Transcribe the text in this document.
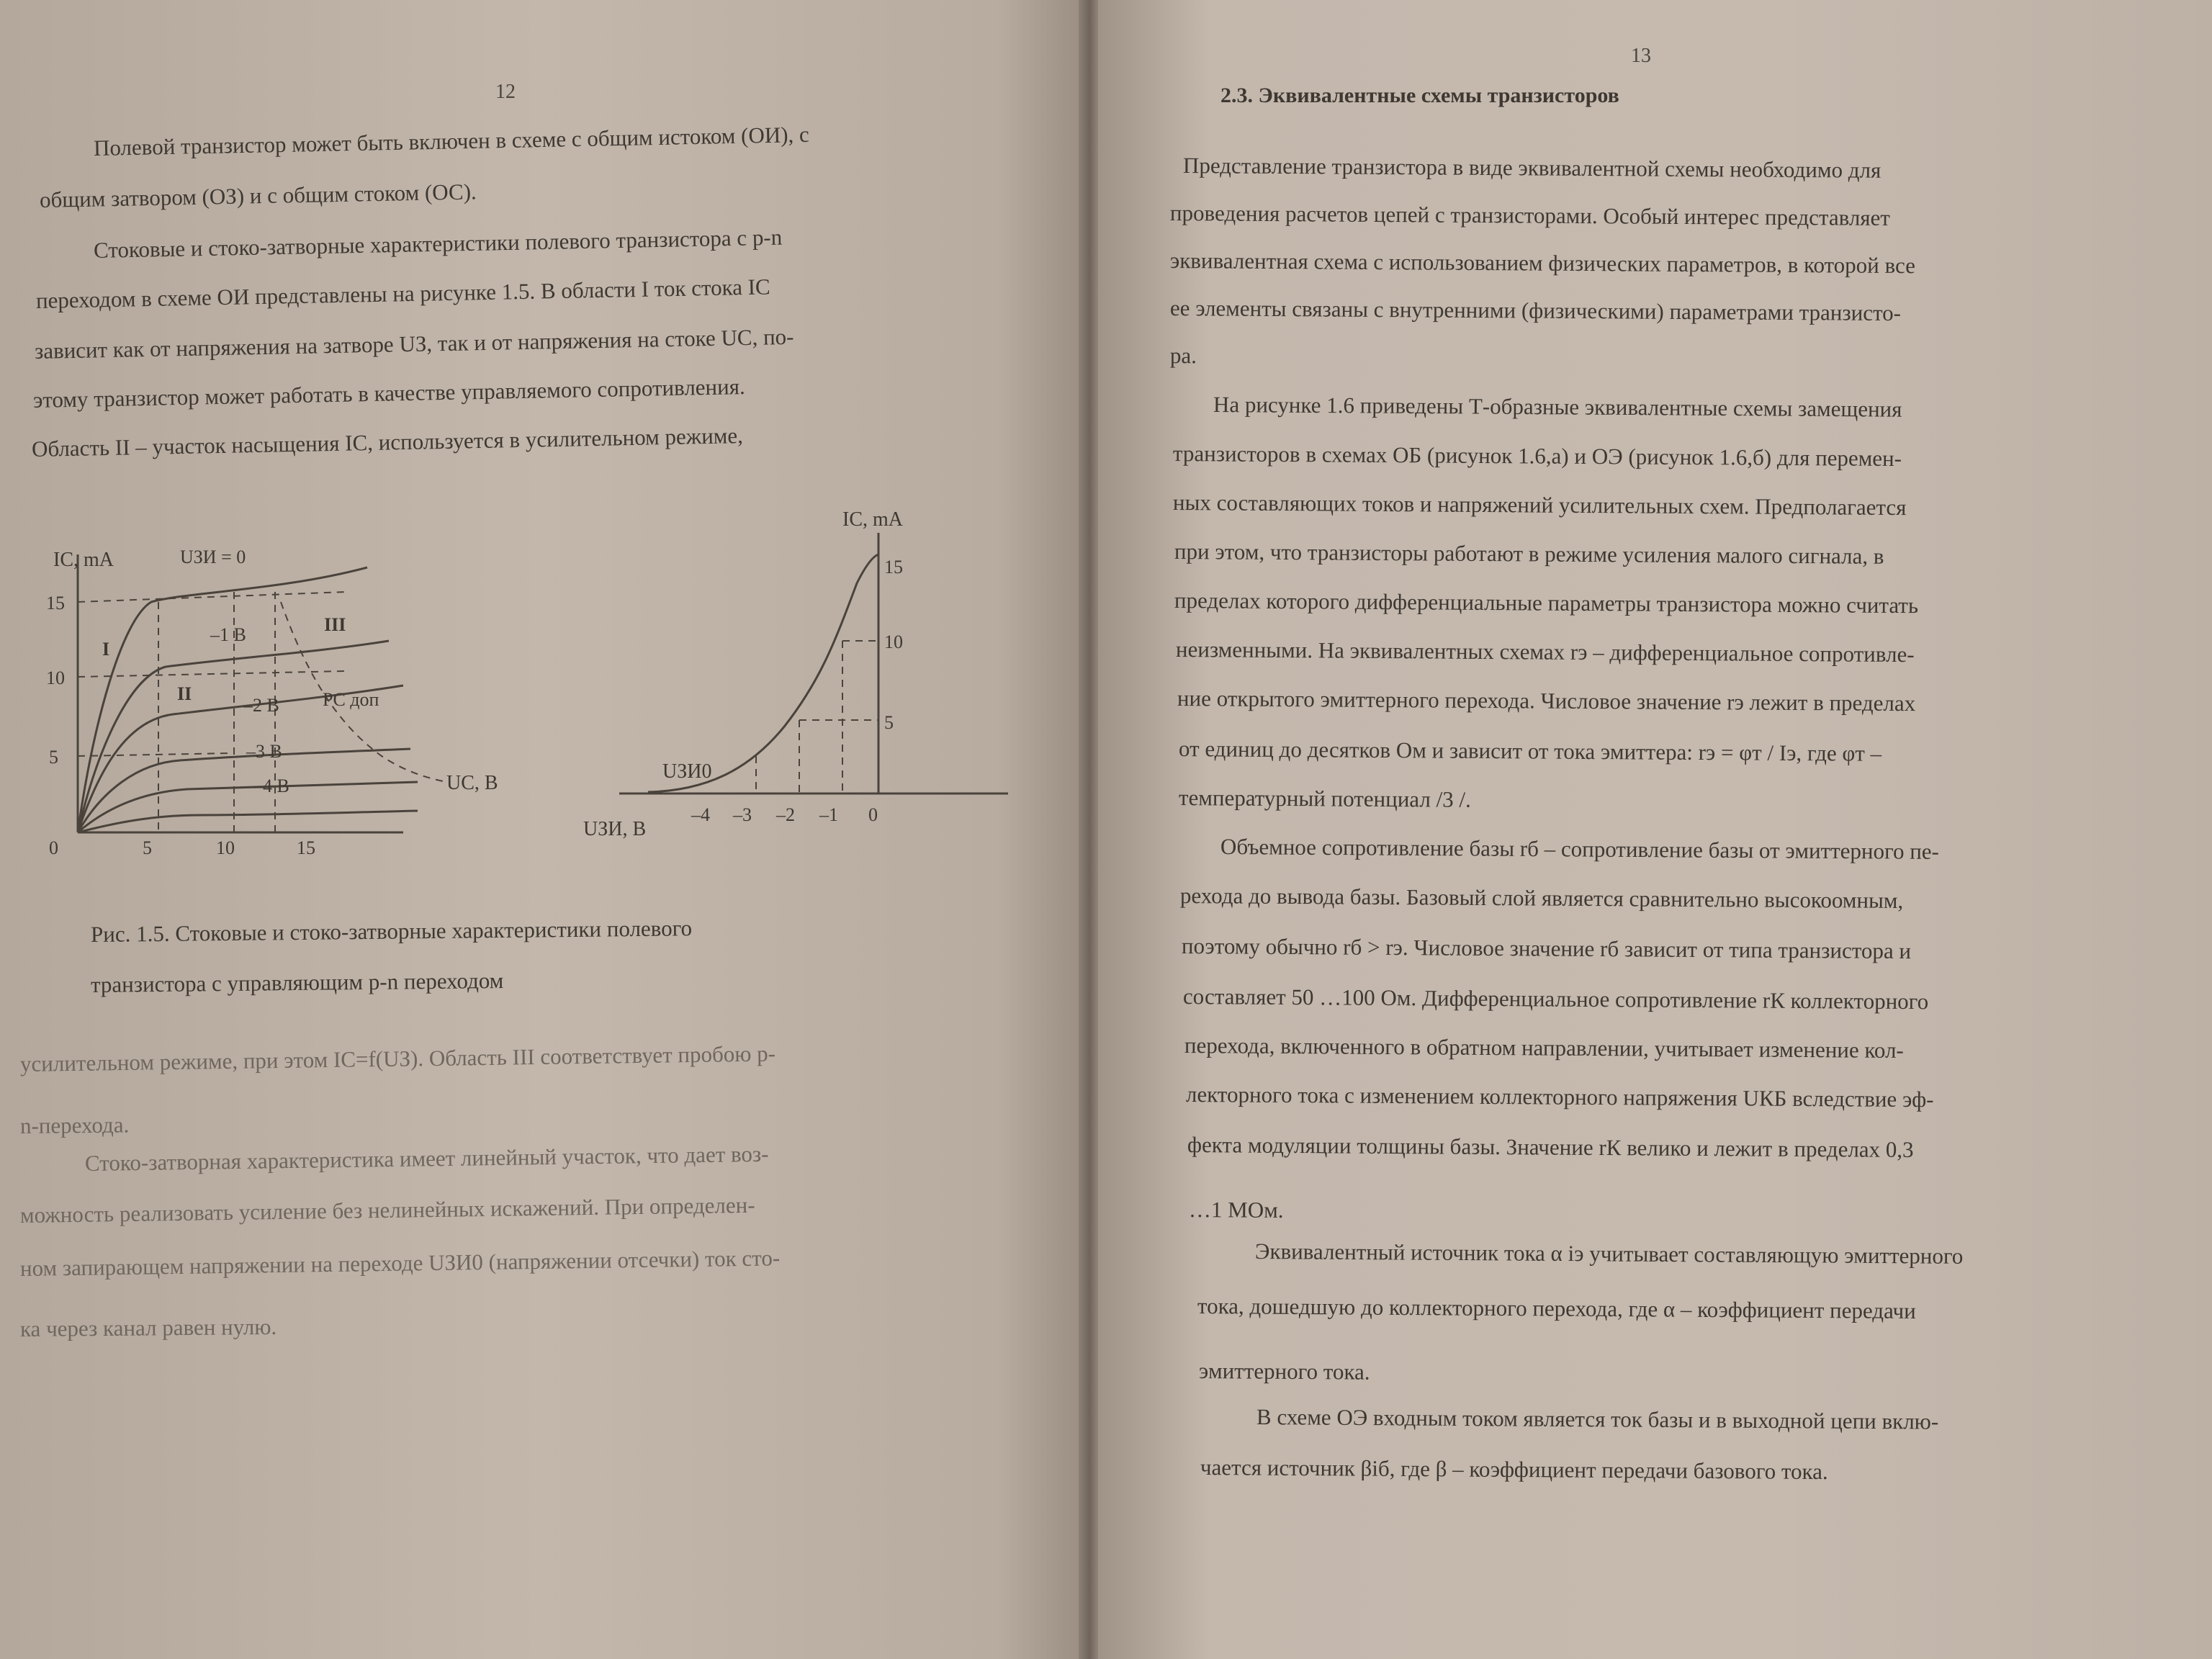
12
Полевой транзистор может быть включен в схеме с общим истоком (ОИ), с
общим затвором (ОЗ) и с общим стоком (ОС).
Стоковые и стоко-затворные характеристики полевого транзистора с p-n
переходом в схеме ОИ представлены на рисунке 1.5. В области I ток стока IC
зависит как от напряжения на затворе UЗ, так и от напряжения на стоке UC, по-
этому транзистор может работать в качестве управляемого сопротивления.
Область II – участок насыщения IC, используется в усилительном режиме,
IC, mA	UЗИ = 0
–1 B
–2 B
–3 B
–4 B
I
II
III
PC доп
UC, B
15
10
5
0	5	10	15
IC, mA
15
10
5
UЗИ0
UЗИ, B
–4 –3 –2 –1 0
Рис. 1.5. Стоковые и стоко-затворные характеристики полевого
транзистора с управляющим p-n переходом
усилительном режиме, при этом IC=f(UЗ). Область III соответствует пробою p-
n-перехода.
Стоко-затворная характеристика имеет линейный участок, что дает воз-
можность реализовать усиление без нелинейных искажений. При определен-
ном запирающем напряжении на переходе UЗИ0 (напряжении отсечки) ток сто-
ка через канал равен нулю.
13
2.3. Эквивалентные схемы транзисторов
Представление транзистора в виде эквивалентной схемы необходимо для
проведения расчетов цепей с транзисторами. Особый интерес представляет
эквивалентная схема с использованием физических параметров, в которой все
ее элементы связаны с внутренними (физическими) параметрами транзисто-
ра.
На рисунке 1.6 приведены Т-образные эквивалентные схемы замещения
транзисторов в схемах ОБ (рисунок 1.6,а) и ОЭ (рисунок 1.6,б) для перемен-
ных составляющих токов и напряжений усилительных схем. Предполагается
при этом, что транзисторы работают в режиме усиления малого сигнала, в
пределах которого дифференциальные параметры транзистора можно считать
неизменными. На эквивалентных схемах rэ – дифференциальное сопротивле-
ние открытого эмиттерного перехода. Числовое значение rэ лежит в пределах
от единиц до десятков Ом и зависит от тока эмиттера: rэ = φт / Iэ, где φт –
температурный потенциал /3 /.
Объемное сопротивление базы rб – сопротивление базы от эмиттерного пе-
рехода до вывода базы. Базовый слой является сравнительно высокоомным,
поэтому обычно rб > rэ. Числовое значение rб зависит от типа транзистора и
составляет 50 …100 Ом. Дифференциальное сопротивление rК коллекторного
перехода, включенного в обратном направлении, учитывает изменение кол-
лекторного тока с изменением коллекторного напряжения UКБ вследствие эф-
фекта модуляции толщины базы. Значение rК велико и лежит в пределах 0,3
…1 МОм.
Эквивалентный источник тока α iэ учитывает составляющую эмиттерного
тока, дошедшую до коллекторного перехода, где α – коэффициент передачи
эмиттерного тока.
В схеме ОЭ входным током является ток базы и в выходной цепи вклю-
чается источник βiб, где β – коэффициент передачи базового тока.
